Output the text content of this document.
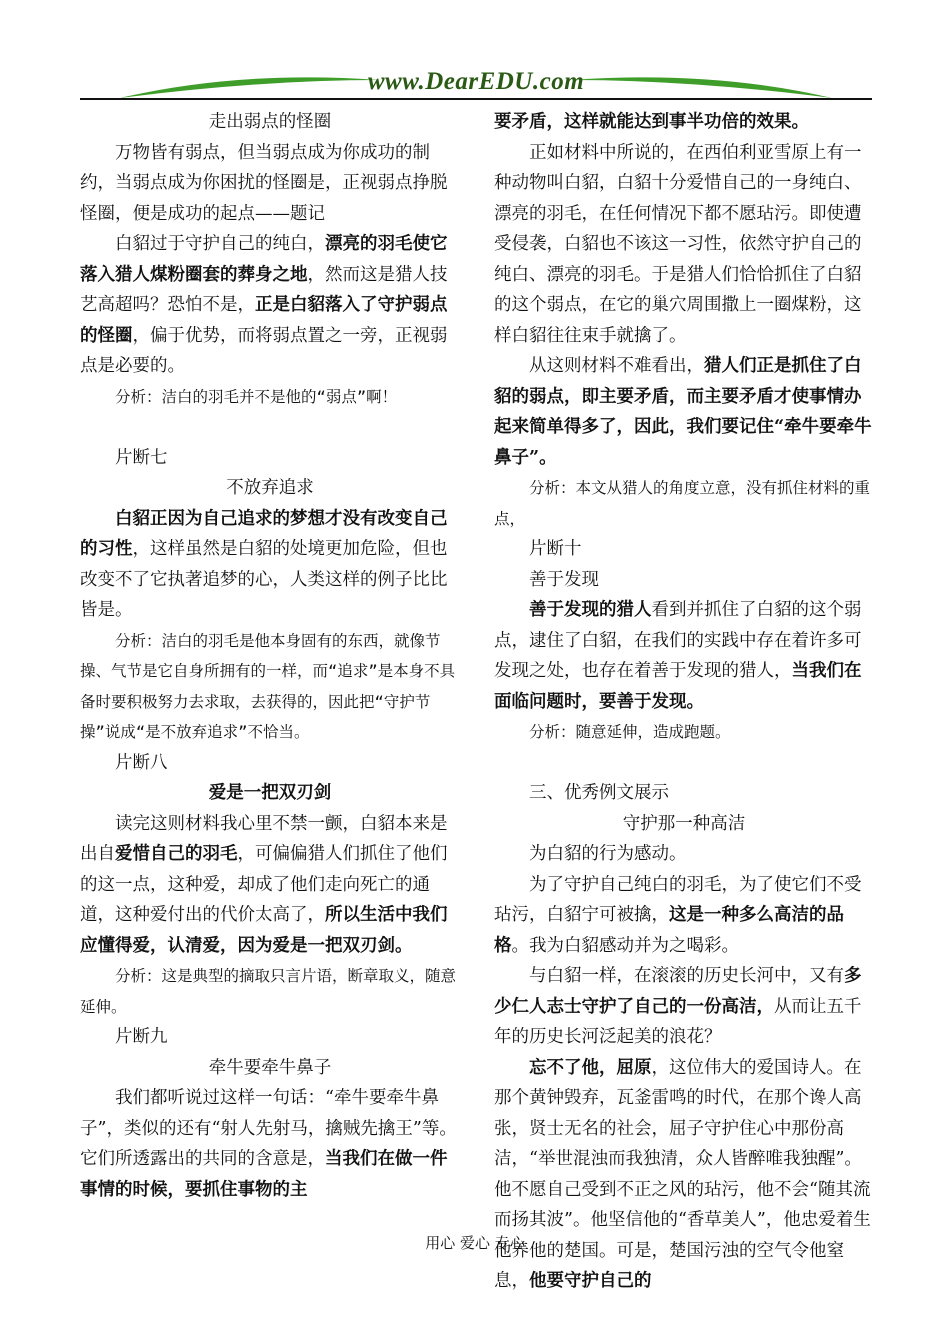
www.DearEDU.com

走出弱点的怪圈

万物皆有弱点，但当弱点成为你成功的制约，当弱点成为你困扰的怪圈是，正视弱点挣脱怪圈，便是成功的起点——题记

白貂过于守护自己的纯白，漂亮的羽毛使它落入猎人煤粉圈套的葬身之地，然而这是猎人技艺高超吗？恐怕不是，正是白貂落入了守护弱点的怪圈，偏于优势，而将弱点置之一旁，正视弱点是必要的。

分析：洁白的羽毛并不是他的“弱点”啊！

片断七

不放弃追求

白貂正因为自己追求的梦想才没有改变自己的习性，这样虽然是白貂的处境更加危险，但也改变不了它执著追梦的心，人类这样的例子比比皆是。

分析：洁白的羽毛是他本身固有的东西，就像节操、气节是它自身所拥有的一样，而“追求”是本身不具备时要积极努力去求取，去获得的，因此把“守护节操”说成“是不放弃追求”不恰当。

片断八

爱是一把双刃剑

读完这则材料我心里不禁一颤，白貂本来是出自爱惜自己的羽毛，可偏偏猎人们抓住了他们的这一点，这种爱，却成了他们走向死亡的通道，这种爱付出的代价太高了，所以生活中我们应懂得爱，认清爱，因为爱是一把双刃剑。

分析：这是典型的摘取只言片语，断章取义，随意延伸。

片断九

牵牛要牵牛鼻子

我们都听说过这样一句话：“牵牛要牵牛鼻子”，类似的还有“射人先射马，擒贼先擒王”等。它们所透露出的共同的含意是，当我们在做一件事情的时候，要抓住事物的主

要矛盾，这样就能达到事半功倍的效果。

正如材料中所说的，在西伯利亚雪原上有一种动物叫白貂，白貂十分爱惜自己的一身纯白、漂亮的羽毛，在任何情况下都不愿玷污。即使遭受侵袭，白貂也不该这一习性，依然守护自己的纯白、漂亮的羽毛。于是猎人们恰恰抓住了白貂的这个弱点，在它的巢穴周围撒上一圈煤粉，这样白貂往往束手就擒了。

从这则材料不难看出，猎人们正是抓住了白貂的弱点，即主要矛盾，而主要矛盾才使事情办起来简单得多了，因此，我们要记住“牵牛要牵牛鼻子”。

分析：本文从猎人的角度立意，没有抓住材料的重点，

片断十

善于发现

善于发现的猎人看到并抓住了白貂的这个弱点，逮住了白貂，在我们的实践中存在着许多可发现之处，也存在着善于发现的猎人，当我们在面临问题时，要善于发现。

分析：随意延伸，造成跑题。

三、优秀例文展示

守护那一种高洁

为白貂的行为感动。

为了守护自己纯白的羽毛，为了使它们不受玷污，白貂宁可被擒，这是一种多么高洁的品格。我为白貂感动并为之喝彩。

与白貂一样，在滚滚的历史长河中，又有多少仁人志士守护了自己的一份高洁，从而让五千年的历史长河泛起美的浪花？

忘不了他，屈原，这位伟大的爱国诗人。在那个黄钟毁弃，瓦釜雷鸣的时代，在那个谗人高张，贤士无名的社会，屈子守护住心中那份高洁，“举世混浊而我独清，众人皆醉唯我独醒”。他不愿自己受到不正之风的玷污，他不会“随其流而扬其波”。他坚信他的“香草美人”，他忠爱着生他养他的楚国。可是，楚国污浊的空气令他窒息，他要守护自己的

用心 爱心 专心
